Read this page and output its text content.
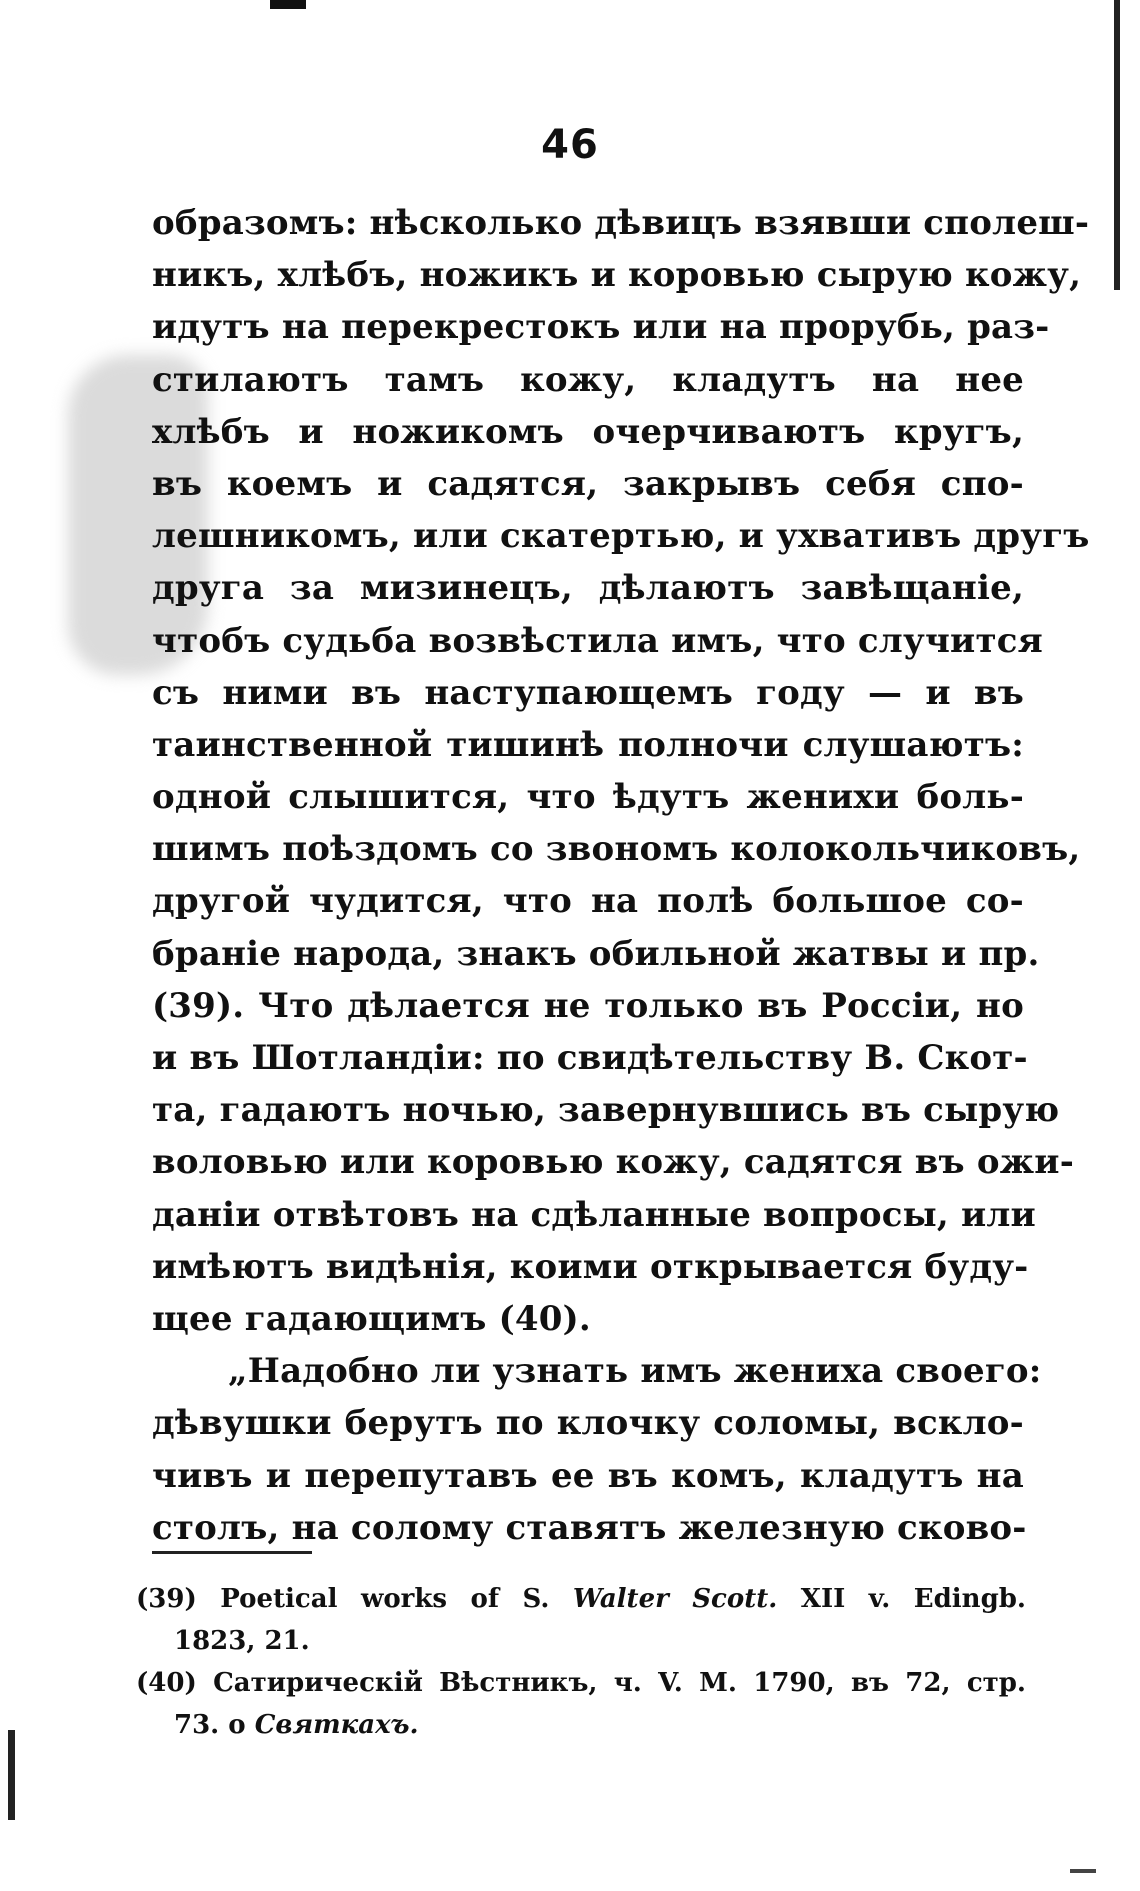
46
образомъ: нѣсколько дѣвицъ взявши сполеш-
никъ, хлѣбъ, ножикъ и коровью сырую кожу,
идутъ на перекрестокъ или на прорубь, раз-
стилаютъ тамъ кожу, кладутъ на нее
хлѣбъ и ножикомъ очерчиваютъ кругъ,
въ коемъ и садятся, закрывъ себя спо-
лешникомъ, или скатертью, и ухвативъ другъ
друга за мизинецъ, дѣлаютъ завѣщаніе,
чтобъ судьба возвѣстила имъ, что случится
съ ними въ наступающемъ году — и въ
таинственной тишинѣ полночи слушаютъ:
одной слышится, что ѣдутъ женихи боль-
шимъ поѣздомъ со звономъ колокольчиковъ,
другой чудится, что на полѣ большое со-
браніе народа, знакъ обильной жатвы и пр.
(39). Что дѣлается не только въ Россіи, но
и въ Шотландіи: по свидѣтельству В. Скот-
та, гадаютъ ночью, завернувшись въ сырую
воловью или коровью кожу, садятся въ ожи-
даніи отвѣтовъ на сдѣланные вопросы, или
имѣютъ видѣнія, коими открывается буду-
щее гадающимъ (40).
„Надобно ли узнать имъ жениха своего:
дѣвушки берутъ по клочку соломы, вскло-
чивъ и перепутавъ ее въ комъ, кладутъ на
столъ, на солому ставятъ железную сково-
(39) Poetical works of S. Walter Scott. XII v. Edingb.
1823, 21.
(40) Сатирическій Вѣстникъ, ч. V. М. 1790, въ 72, стр.
73. о Святкахъ.
